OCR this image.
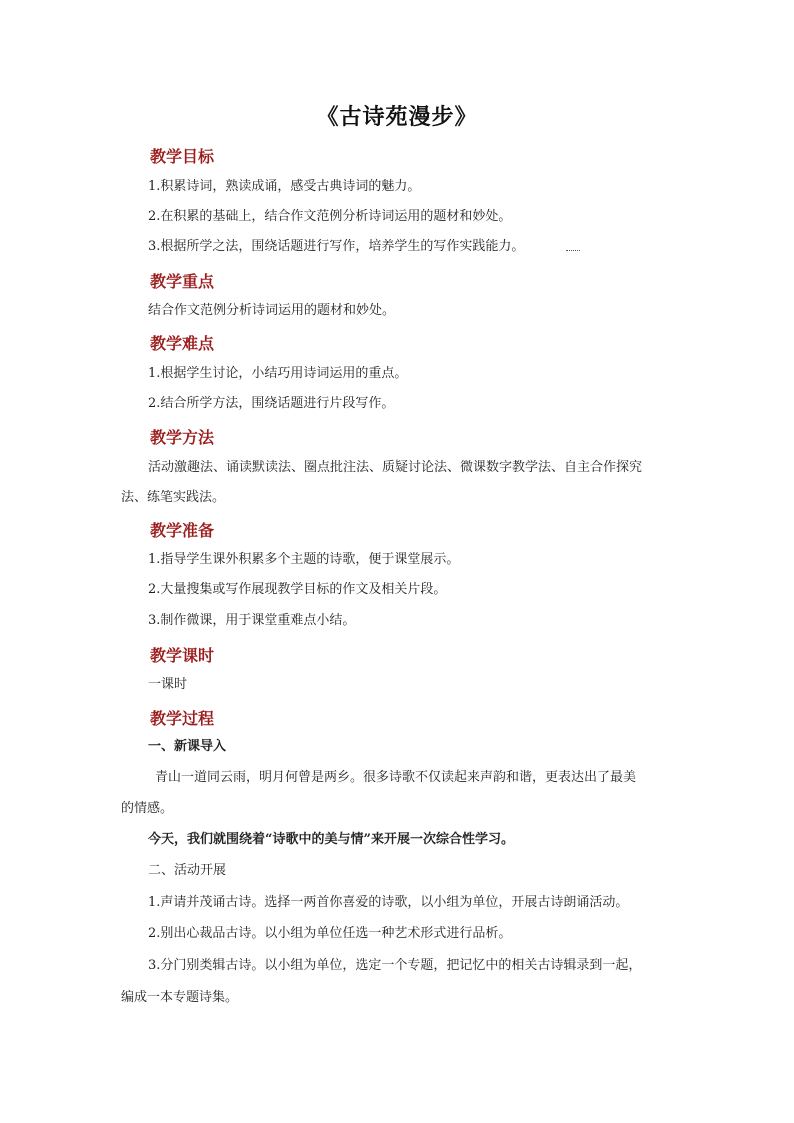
《古诗苑漫步》
教学目标
1.积累诗词，熟读成诵，感受古典诗词的魅力。
2.在积累的基础上，结合作文范例分析诗词运用的题材和妙处。
3.根据所学之法，围绕话题进行写作，培养学生的写作实践能力。
教学重点
结合作文范例分析诗词运用的题材和妙处。
教学难点
1.根据学生讨论，小结巧用诗词运用的重点。
2.结合所学方法，围绕话题进行片段写作。
教学方法
活动激趣法、诵读默读法、圈点批注法、质疑讨论法、微课数字教学法、自主合作探究
法、练笔实践法。
教学准备
1.指导学生课外积累多个主题的诗歌，便于课堂展示。
2.大量搜集或写作展现教学目标的作文及相关片段。
3.制作微课，用于课堂重难点小结。
教学课时
一课时
教学过程
一、新课导入
青山一道同云雨，明月何曾是两乡。很多诗歌不仅读起来声韵和谐，更表达出了最美
的情感。
今天，我们就围绕着“诗歌中的美与情”来开展一次综合性学习。
二、活动开展
1.声请并茂诵古诗。选择一两首你喜爱的诗歌，以小组为单位，开展古诗朗诵活动。
2.别出心裁品古诗。以小组为单位任选一种艺术形式进行品析。
3.分门别类辑古诗。以小组为单位，选定一个专题，把记忆中的相关古诗辑录到一起，
编成一本专题诗集。
